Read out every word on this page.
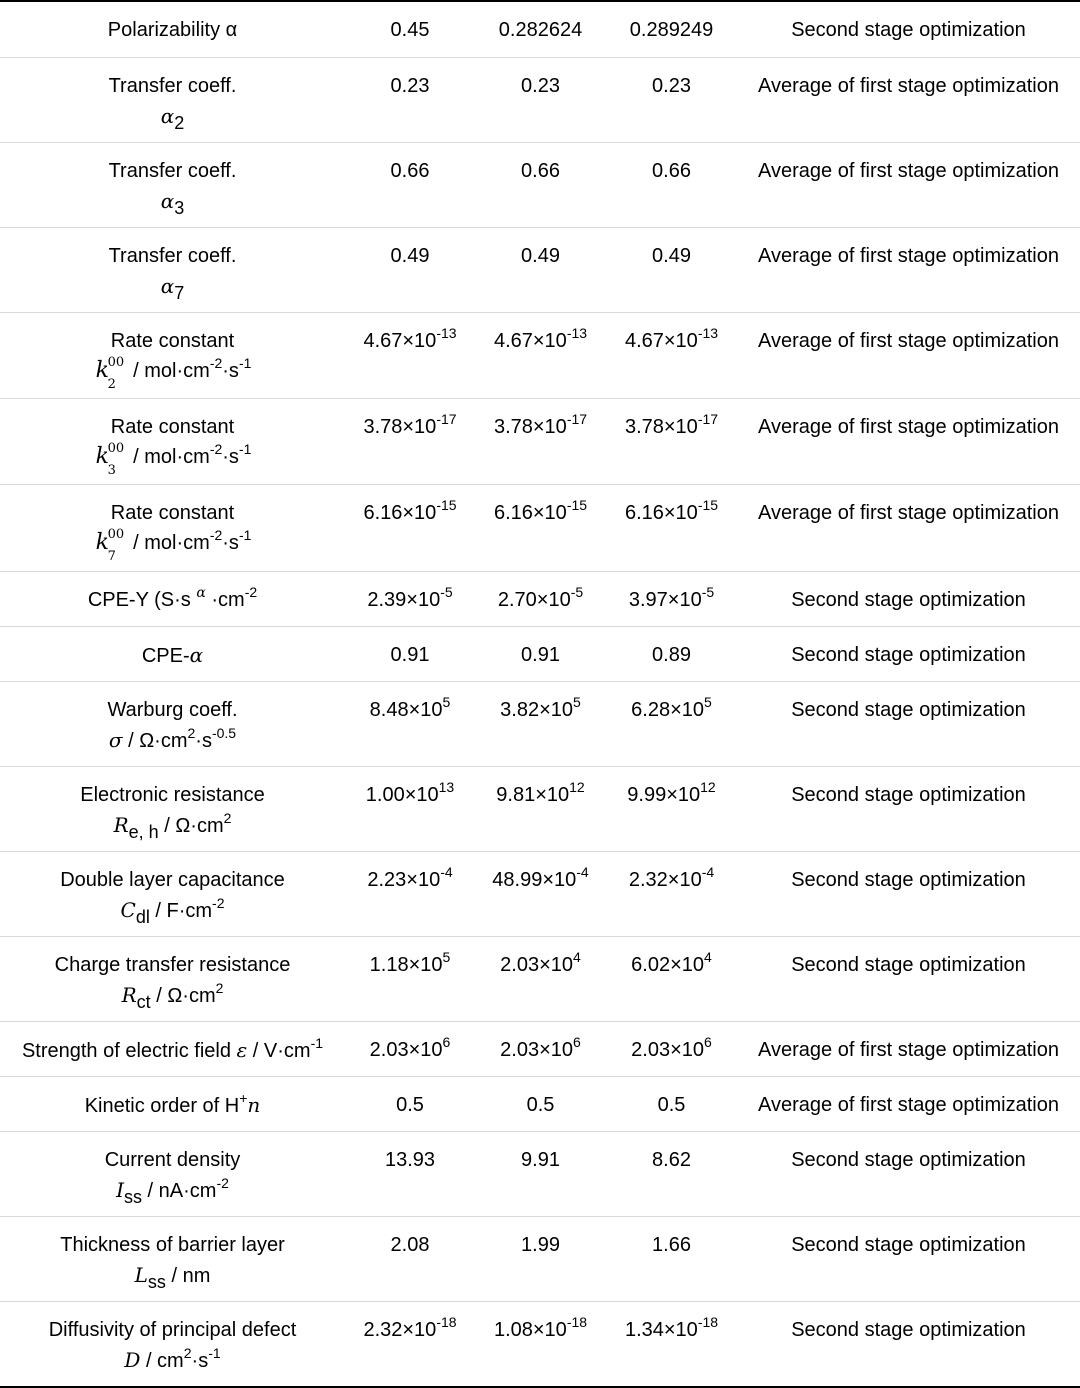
Polarizability α	0.45	0.282624	0.289249	Second stage optimization
Transfer coeff.
α2
0.23	0.23	0.23	Average of first stage optimization
Transfer coeff.
α3
0.66	0.66	0.66	Average of first stage optimization
Transfer coeff.
α7
0.49	0.49	0.49	Average of first stage optimization
Rate constant
k
00
2
/ $mol\cdot cm^{-2}\cdot s^{-1}$
$4.67\times 10^{-13}$	$4.67\times 10^{-13}$	$4.67\times 10^{-13}$	Average of first stage optimization
Rate constant
k
00
3
/ $mol\cdot cm^{-2}\cdot s^{-1}$
$3.78\times 10^{-17}$	$3.78\times 10^{-17}$	$3.78\times 10^{-17}$	Average of first stage optimization
Rate constant
k
00
7
/ $mol\cdot cm^{-2}\cdot s^{-1}$
$6.16\times 10^{-15}$	$6.16\times 10^{-15}$	$6.16\times 10^{-15}$	Average of first stage optimization
CPE-Y (S·s $^\alpha \cdot cm^{-2}$	$2.39\times 10^{-5}$	$2.70\times 10^{-5}$	$3.97\times 10^{-5}$	Second stage optimization
CPE-α	0.91	0.91	0.89	Second stage optimization
Warburg coeff.
$\sigma / \Omega\cdot cm^2\cdot s^{-0.5}$
$8.48\times 10^5$	$3.82\times 10^5$	$6.28\times 10^5$	Second stage optimization
Electronic resistance
$R_{e, h} / \Omega\cdot cm^2$
$1.00\times 10^{13}$	$9.81\times 10^{12}$	$9.99\times 10^{12}$	Second stage optimization
Double layer capacitance
$C_{dl} / F\cdot cm^{-2}$
$2.23\times 10^{-4}$	$48.99\times 10^{-4}$	$2.32\times 10^{-4}$	Second stage optimization
Charge transfer resistance
$R_{ct} / \Omega\cdot cm^2$
$1.18\times 10^5$	$2.03\times 10^4$	$6.02\times 10^4$	Second stage optimization
Strength of electric field $\varepsilon / V\cdot cm^{-1}$	$2.03\times 10^6$	$2.03\times 10^6$	$2.03\times 10^6$	Average of first stage optimization
Kinetic order of H+n	0.5	0.5	0.5	Average of first stage optimization
Current density
$I_{ss} / nA\cdot cm^{-2}$
13.93	9.91	8.62	Second stage optimization
Thickness of barrier layer
$L_{ss}$ / nm
2.08	1.99	1.66	Second stage optimization
Diffusivity of principal defect
$D / cm^2\cdot s^{-1}$
$2.32\times 10^{-18}$	$1.08\times 10^{-18}$	$1.34\times 10^{-18}$	Second stage optimization
